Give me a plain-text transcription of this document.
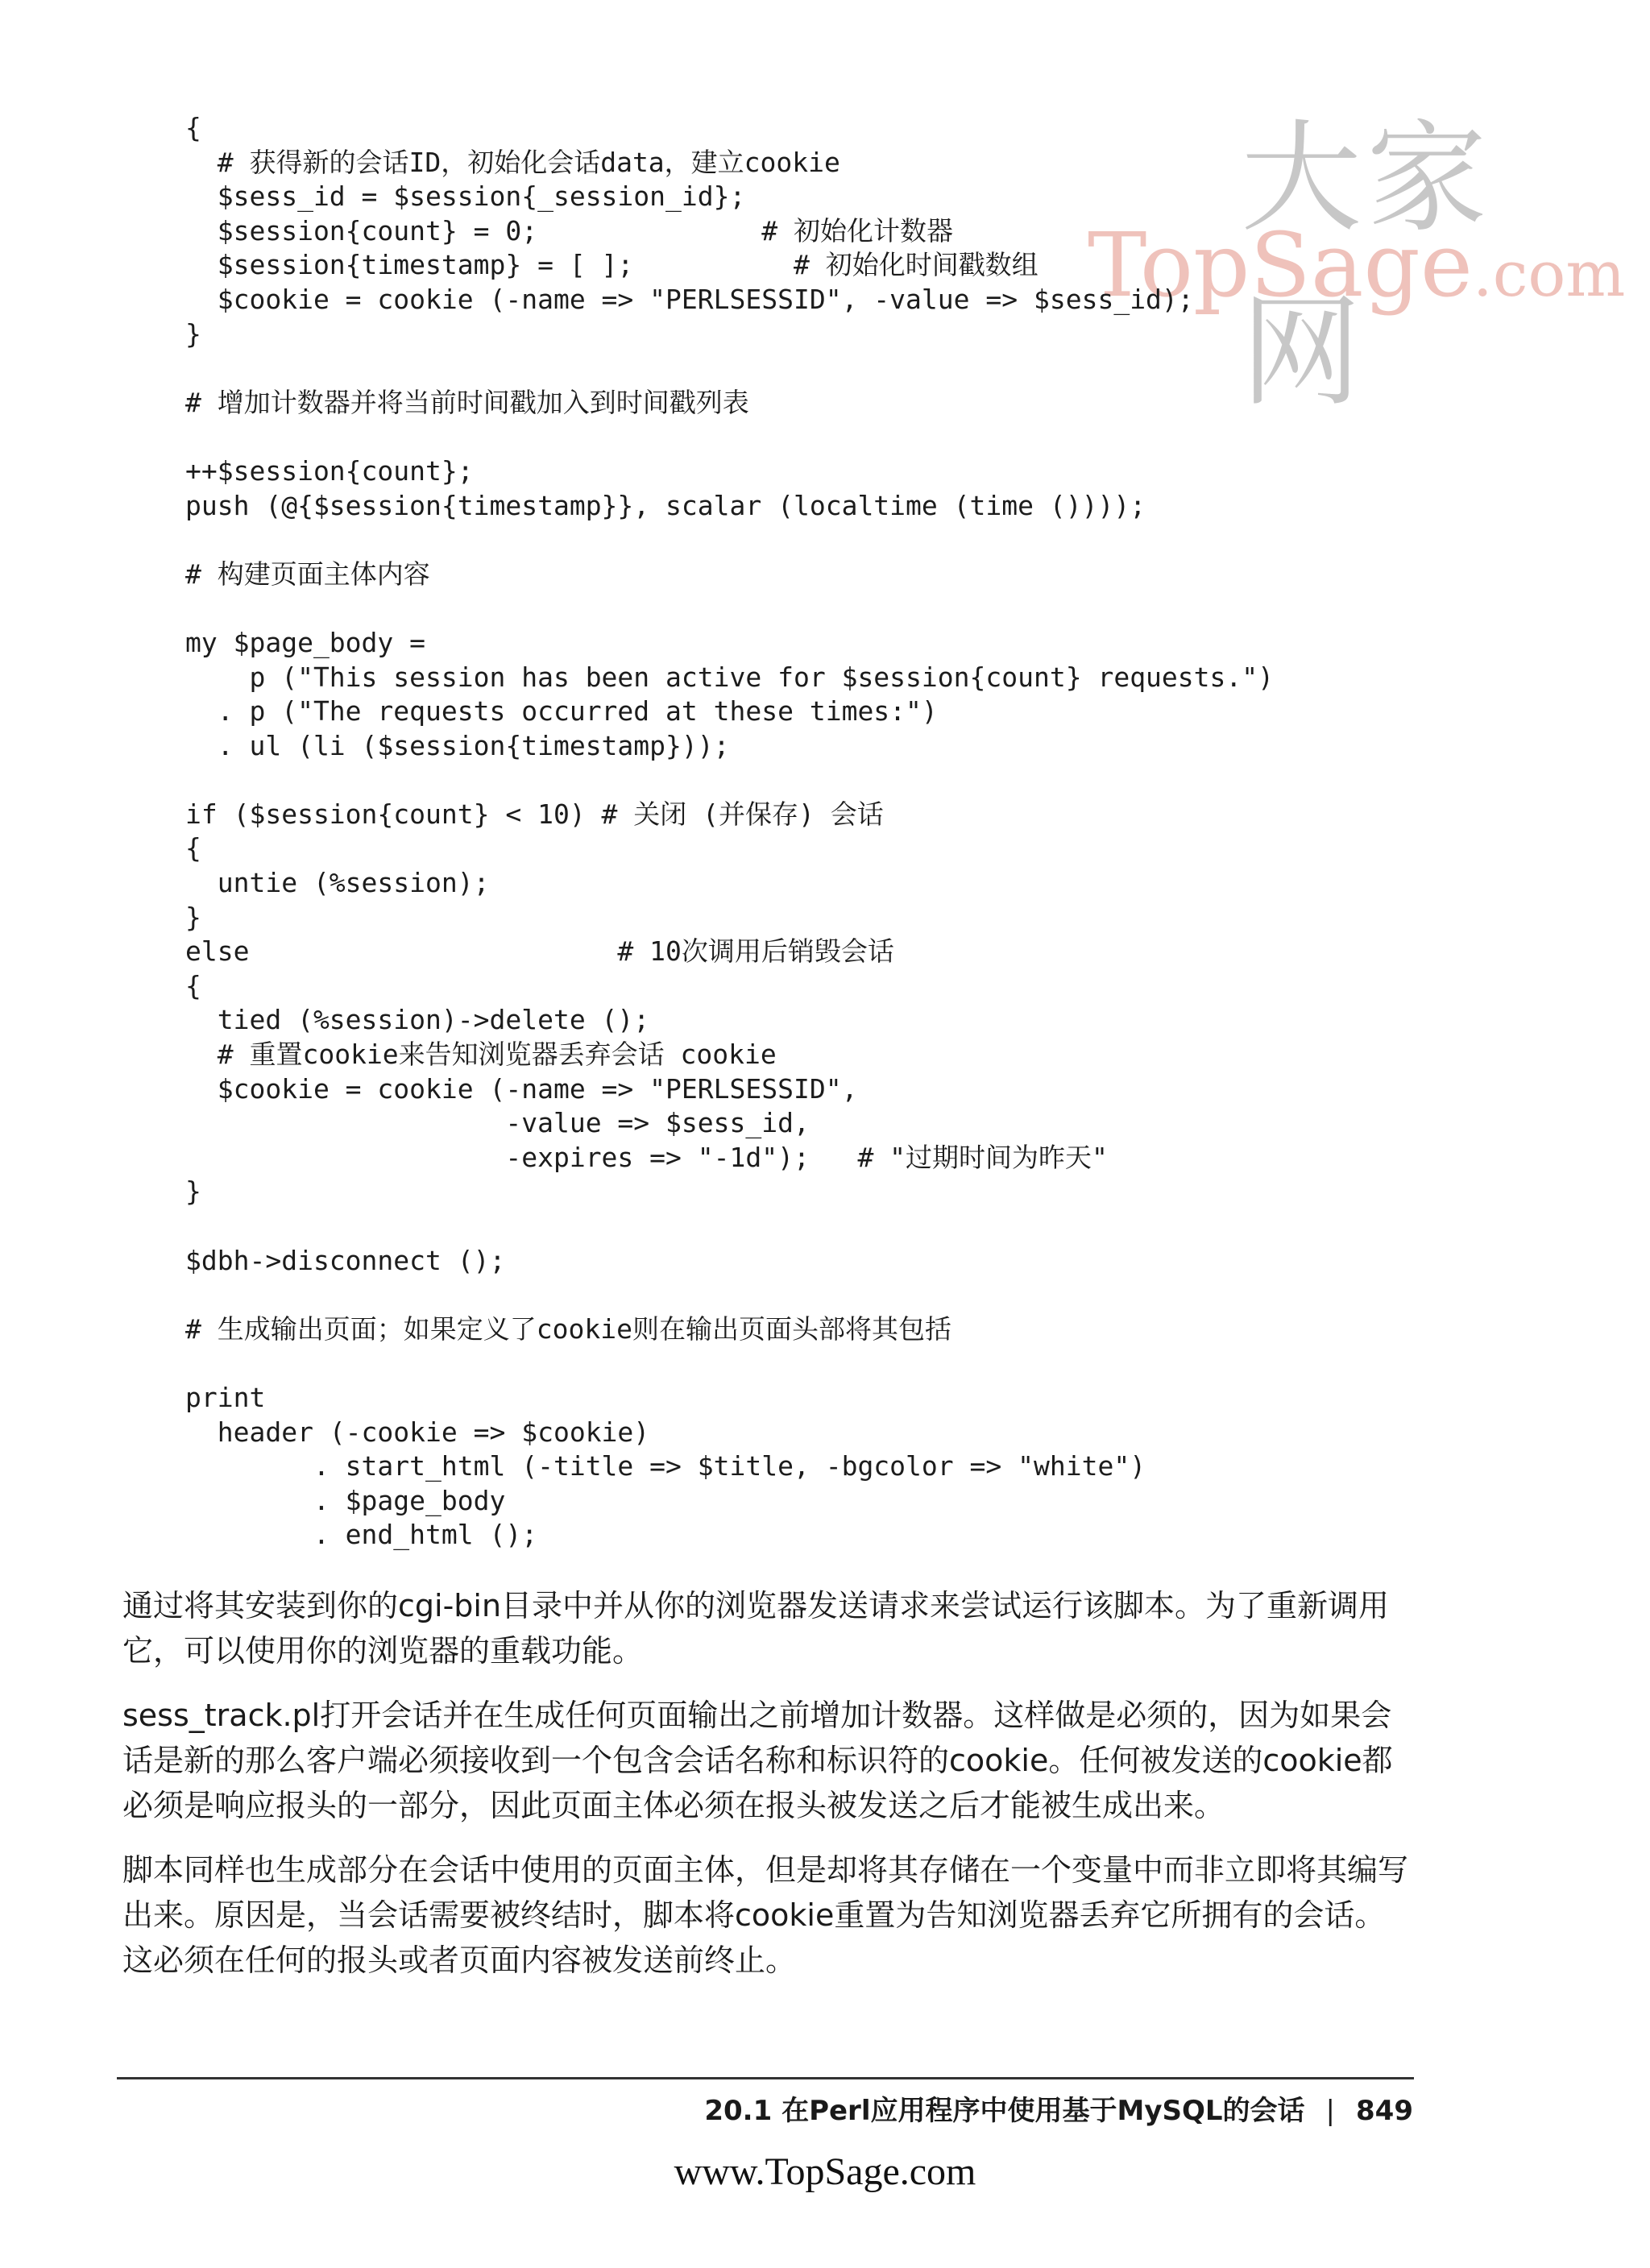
大家网
TopSage.com
{
# 获得新的会话ID，初始化会话data，建立cookie
$sess_id = $session{_session_id};
$session{count} = 0;              # 初始化计数器
$session{timestamp} = [ ];          # 初始化时间戳数组
$cookie = cookie (-name => "PERLSESSID", -value => $sess_id);
}

# 增加计数器并将当前时间戳加入到时间戳列表

++$session{count};
push (@{$session{timestamp}}, scalar (localtime (time ())));

# 构建页面主体内容

my $page_body =
p ("This session has been active for $session{count} requests.")
. p ("The requests occurred at these times:")
. ul (li ($session{timestamp}));

if ($session{count} < 10) # 关闭 (并保存) 会话
{
untie (%session);
}
else                       # 10次调用后销毁会话
{
tied (%session)->delete ();
# 重置cookie来告知浏览器丢弃会话 cookie
$cookie = cookie (-name => "PERLSESSID",
-value => $sess_id,
-expires => "-1d");   # "过期时间为昨天"
}

$dbh->disconnect ();

# 生成输出页面；如果定义了cookie则在输出页面头部将其包括

print
header (-cookie => $cookie)
. start_html (-title => $title, -bgcolor => "white")
. $page_body
. end_html ();

通过将其安装到你的cgi-bin目录中并从你的浏览器发送请求来尝试运行该脚本。为了重新调用它，可以使用你的浏览器的重载功能。

sess_track.pl打开会话并在生成任何页面输出之前增加计数器。这样做是必须的，因为如果会话是新的那么客户端必须接收到一个包含会话名称和标识符的cookie。任何被发送的cookie都必须是响应报头的一部分，因此页面主体必须在报头被发送之后才能被生成出来。

脚本同样也生成部分在会话中使用的页面主体，但是却将其存储在一个变量中而非立即将其编写出来。原因是，当会话需要被终结时，脚本将cookie重置为告知浏览器丢弃它所拥有的会话。这必须在任何的报头或者页面内容被发送前终止。

20.1 在Perl应用程序中使用基于MySQL的会话 | 849
www.TopSage.com
